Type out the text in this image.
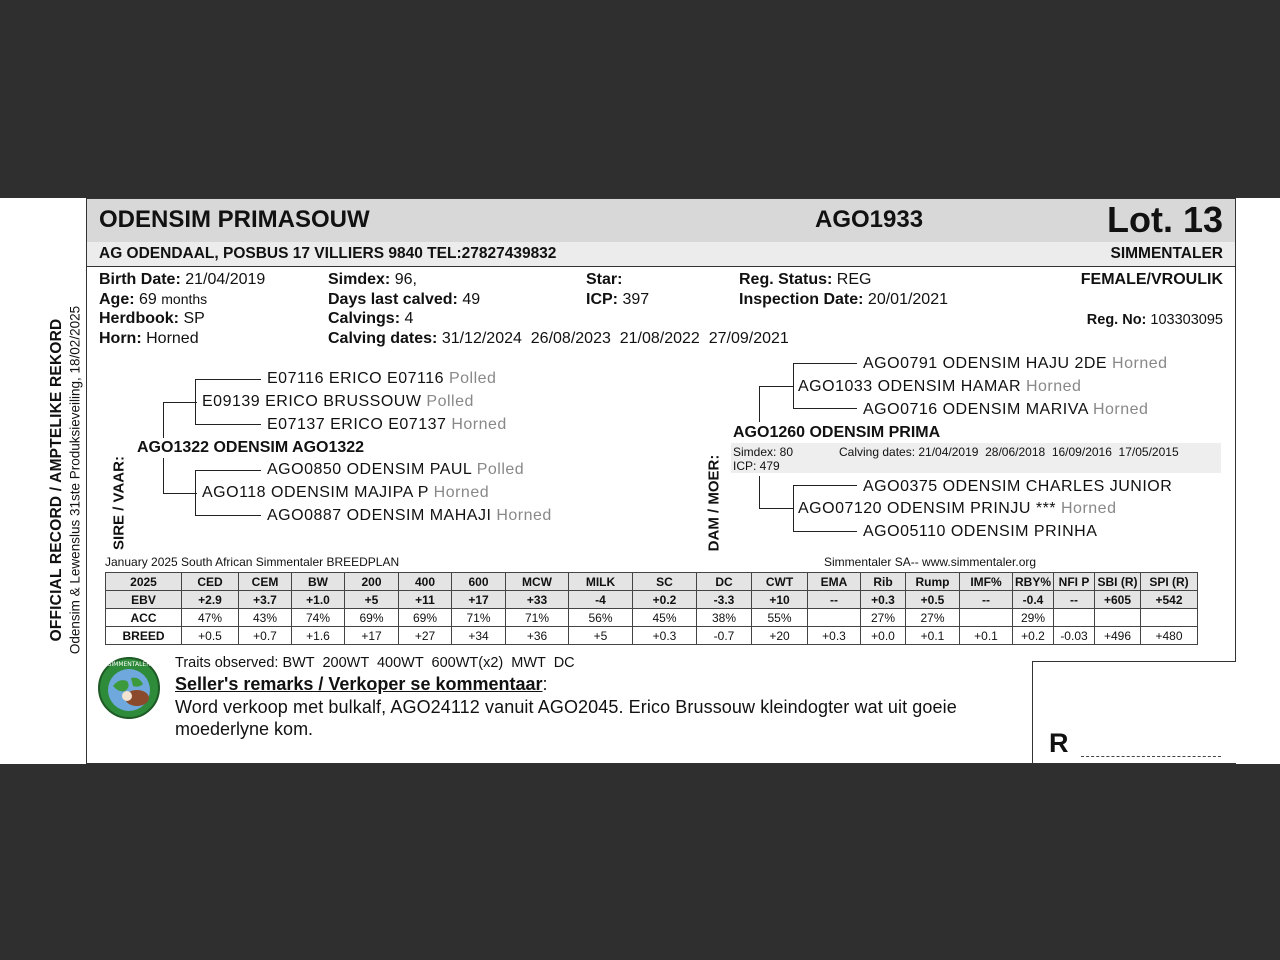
OFFICIAL RECORD / AMPTELIKE REKORD Odensim & Lewenslus 31ste Produksieveiling, 18/02/2025
ODENSIM PRIMASOUW	AGO1933	Lot. 13
AG ODENDAAL, POSBUS 17 VILLIERS 9840 TEL:27827439832	SIMMENTALER
Birth Date: 21/04/2019
Age: 69 months
Herdbook: SP
Horn: Horned
Simdex: 96,
Days last calved: 49
Calvings: 4
Calving dates: 31/12/2024  26/08/2023  21/08/2022  27/09/2021
Star:
ICP: 397
Reg. Status: REG
Inspection Date: 20/01/2021
FEMALE/VROULIK
Reg. No: 103303095
SIRE / VAAR:
E07116 ERICO E07116 Polled
E09139 ERICO BRUSSOUW Polled
E07137 ERICO E07137 Horned
AGO1322 ODENSIM AGO1322
AGO0850 ODENSIM PAUL Polled
AGO118 ODENSIM MAJIPA P Horned
AGO0887 ODENSIM MAHAJI Horned	DAM / MOER:
AGO0791 ODENSIM HAJU 2DE Horned
AGO1033 ODENSIM HAMAR Horned
AGO0716 ODENSIM MARIVA Horned
AGO1260 ODENSIM PRIMA
Simdex: 80
ICP: 479
Calving dates: 21/04/2019  28/06/2018  16/09/2016  17/05/2015
AGO0375 ODENSIM CHARLES JUNIOR
AGO07120 ODENSIM PRINJU *** Horned
AGO05110 ODENSIM PRINHA
January 2025 South African Simmentaler BREEDPLAN	Simmentaler SA-- www.simmentaler.org
2025	CED	CEM	BW	200	400	600	MCW	MILK	SC	DC	CWT	EMA	Rib	Rump	IMF%	RBY%	NFI P	SBI (R)	SPI (R)
EBV	+2.9	+3.7	+1.0	+5	+11	+17	+33	-4	+0.2	-3.3	+10	--	+0.3	+0.5	--	-0.4	--	+605	+542
ACC	47%	43%	74%	69%	69%	71%	71%	56%	45%	38%	55%		27%	27%		29%			
BREED	+0.5	+0.7	+1.6	+17	+27	+34	+36	+5	+0.3	-0.7	+20	+0.3	+0.0	+0.1	+0.1	+0.2	-0.03	+496	+480
SIMMENTALER Traits observed: BWT  200WT  400WT  600WT(x2)  MWT  DC
Seller's remarks / Verkoper se kommentaar:
Word verkoop met bulkalf, AGO24112 vanuit AGO2045. Erico Brussouw kleindogter wat uit goeie
moederlyne kom.	R
